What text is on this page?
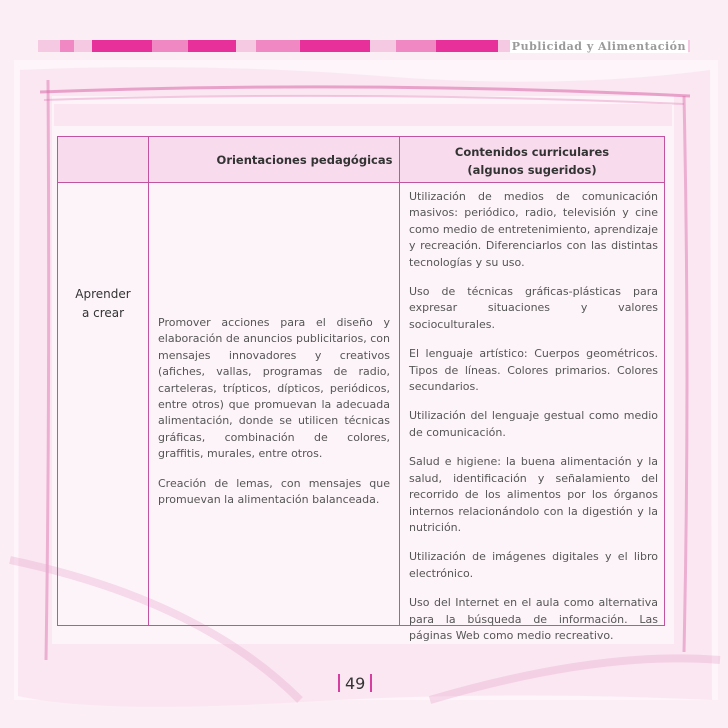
Publicidad y Alimentación
Orientaciones pedagógicas
Contenidos curriculares
(algunos sugeridos)
Aprender
a crear

Promover acciones para el diseño y elaboración de anuncios publicitarios, con mensajes innovadores y creativos (afiches, vallas, programas de radio, carteleras, trípticos, dípticos, periódicos, entre otros) que promuevan la adecuada alimentación, donde se utilicen técnicas gráficas, combinación de colores, graffitis, murales, entre otros.

Creación de lemas, con mensajes que promuevan la alimentación balanceada.

Utilización de medios de comunicación masivos: periódico, radio, televisión y cine como medio de entretenimiento, aprendizaje y recreación. Diferenciarlos con las distintas tecnologías y su uso.

Uso de técnicas gráficas-plásticas para expresar situaciones y valores socioculturales.

El lenguaje artístico: Cuerpos geométricos. Tipos de líneas. Colores primarios. Colores secundarios.

Utilización del lenguaje gestual como medio de comunicación.

Salud e higiene: la buena alimentación y la salud, identificación y señalamiento del recorrido de los alimentos por los órganos internos relacionándolo con la digestión y la nutrición.

Utilización de imágenes digitales y el libro electrónico.

Uso del Internet en el aula como alternativa para la búsqueda de información. Las páginas Web como medio recreativo.

49
